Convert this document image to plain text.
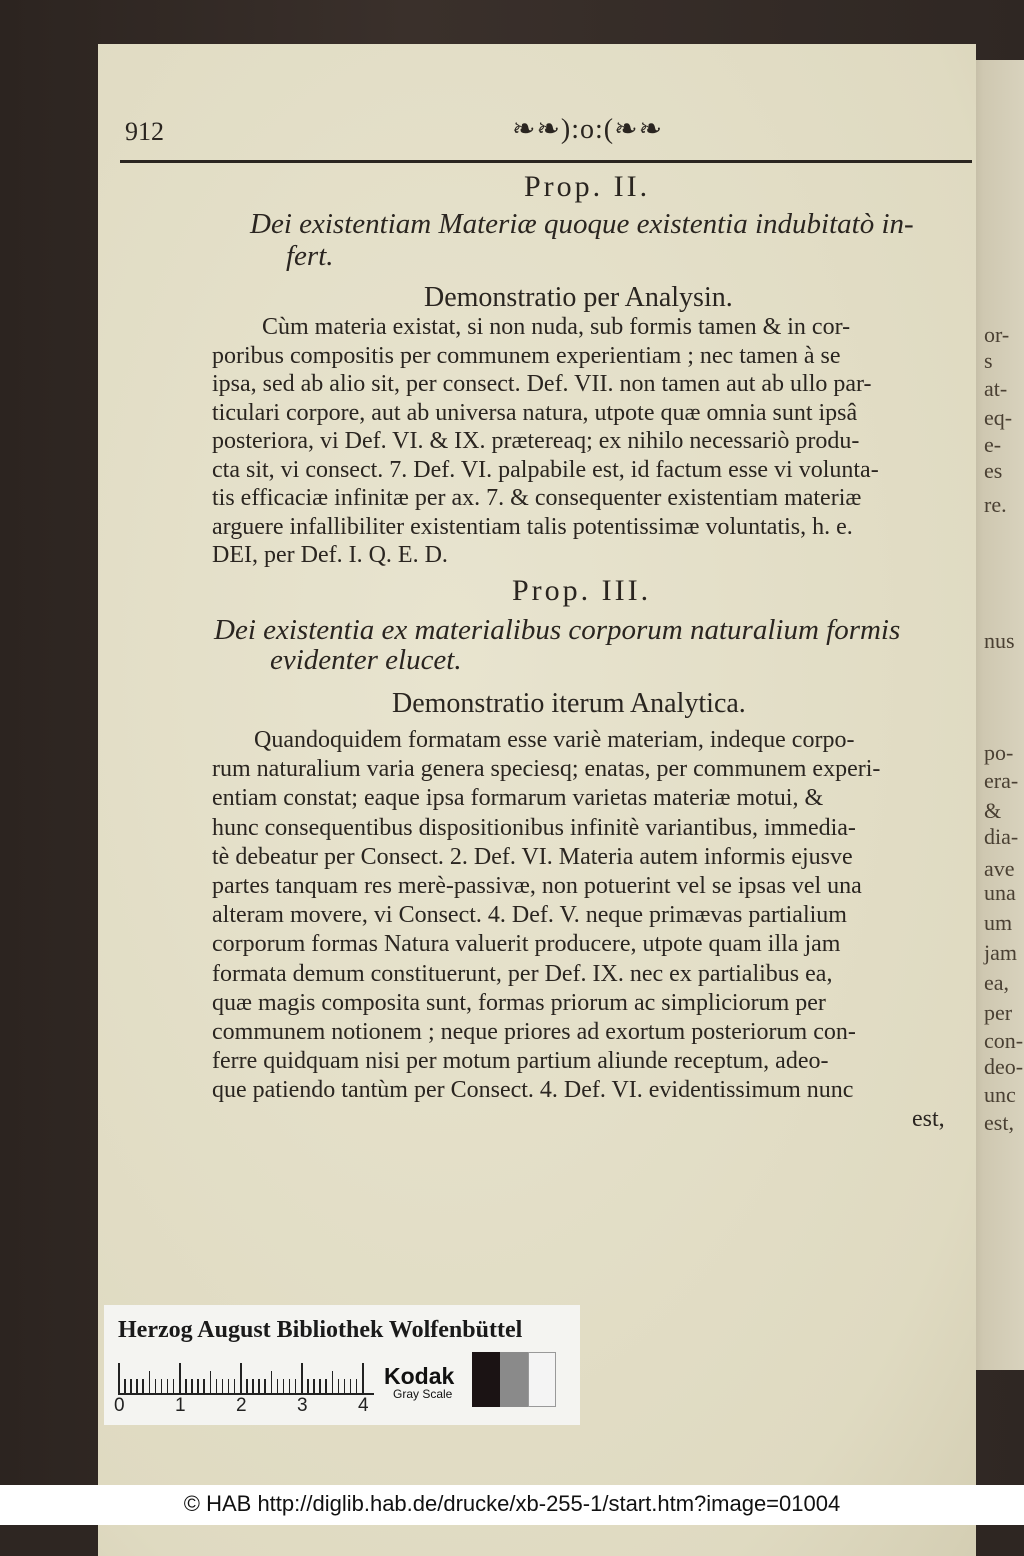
or-
s
at-
eq-
e-
es
re.
nus
po-
era-
&
dia-
ave
una
um
jam
ea,
per
con-
deo-
unc
est,
912	❧❧):o:(❧❧
Prop. II.
Dei existentiam Materiæ quoque existentia indubitatò in-
fert.
Demonstratio per Analysin.
Cùm materia existat, si non nuda, sub formis tamen & in cor-
poribus compositis per communem experientiam ; nec tamen à se
ipsa, sed ab alio sit, per consect. Def. VII. non tamen aut ab ullo par-
ticulari corpore, aut ab universa natura, utpote quæ omnia sunt ipsâ
posteriora, vi Def. VI. & IX. prætereaq; ex nihilo necessariò produ-
cta sit, vi consect. 7. Def. VI. palpabile est, id factum esse vi volunta-
tis efficaciæ infinitæ per ax. 7. & consequenter existentiam materiæ
arguere infallibiliter existentiam talis potentissimæ voluntatis, h. e.
DEI, per Def. I. Q. E. D.
Prop. III.
Dei existentia ex materialibus corporum naturalium formis
evidenter elucet.
Demonstratio iterum Analytica.
Quandoquidem formatam esse variè materiam, indeque corpo-
rum naturalium varia genera speciesq; enatas, per communem experi-
entiam constat; eaque ipsa formarum varietas materiæ motui, &
hunc consequentibus dispositionibus infinitè variantibus, immedia-
tè debeatur per Consect. 2. Def. VI. Materia autem informis ejusve
partes tanquam res merè-passivæ, non potuerint vel se ipsas vel una
alteram movere, vi Consect. 4. Def. V. neque primævas partialium
corporum formas Natura valuerit producere, utpote quam illa jam
formata demum constituerunt, per Def. IX. nec ex partialibus ea,
quæ magis composita sunt, formas priorum ac simpliciorum per
communem notionem ; neque priores ad exortum posteriorum con-
ferre quidquam nisi per motum partium aliunde receptum, adeo-
que patiendo tantùm per Consect. 4. Def. VI. evidentissimum nunc
est,
Herzog August Bibliothek Wolfenbüttel
0	1	2	3	4
Kodak
Gray Scale
© HAB http://diglib.hab.de/drucke/xb-255-1/start.htm?image=01004
